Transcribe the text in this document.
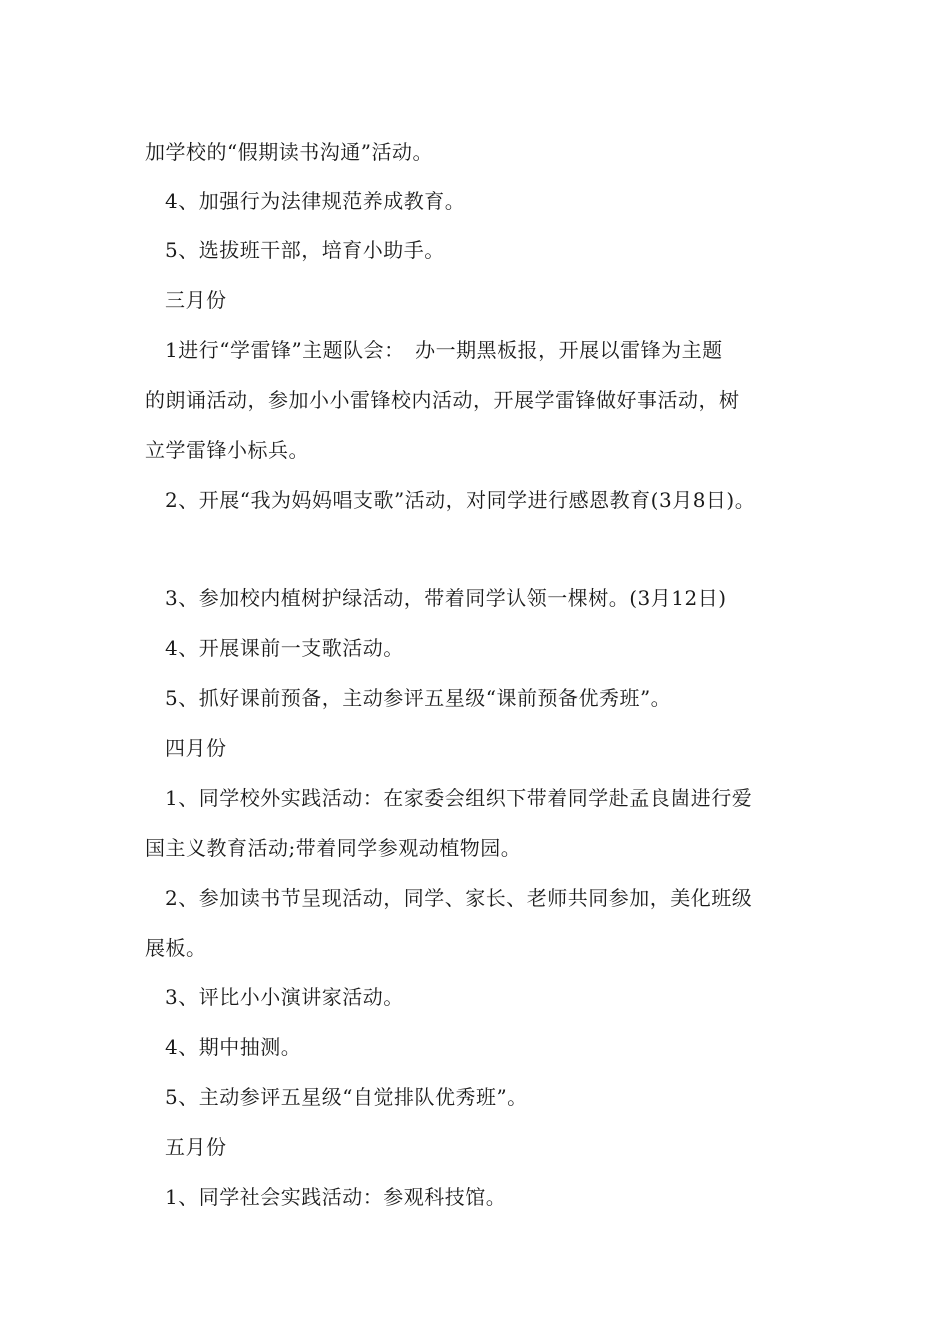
加学校的“假期读书沟通”活动。
4、加强行为法律规范养成教育。
5、选拔班干部，培育小助手。
三月份
1进行“学雷锋”主题队会：　办一期黑板报，开展以雷锋为主题
的朗诵活动，参加小小雷锋校内活动，开展学雷锋做好事活动，树
立学雷锋小标兵。
2、开展“我为妈妈唱支歌”活动，对同学进行感恩教育(3月8日)。
3、参加校内植树护绿活动，带着同学认领一棵树。(3月12日)
4、开展课前一支歌活动。
5、抓好课前预备，主动参评五星级“课前预备优秀班”。
四月份
1、同学校外实践活动：在家委会组织下带着同学赴孟良崮进行爱
国主义教育活动;带着同学参观动植物园。
2、参加读书节呈现活动，同学、家长、老师共同参加，美化班级
展板。
3、评比小小演讲家活动。
4、期中抽测。
5、主动参评五星级“自觉排队优秀班”。
五月份
1、同学社会实践活动：参观科技馆。
